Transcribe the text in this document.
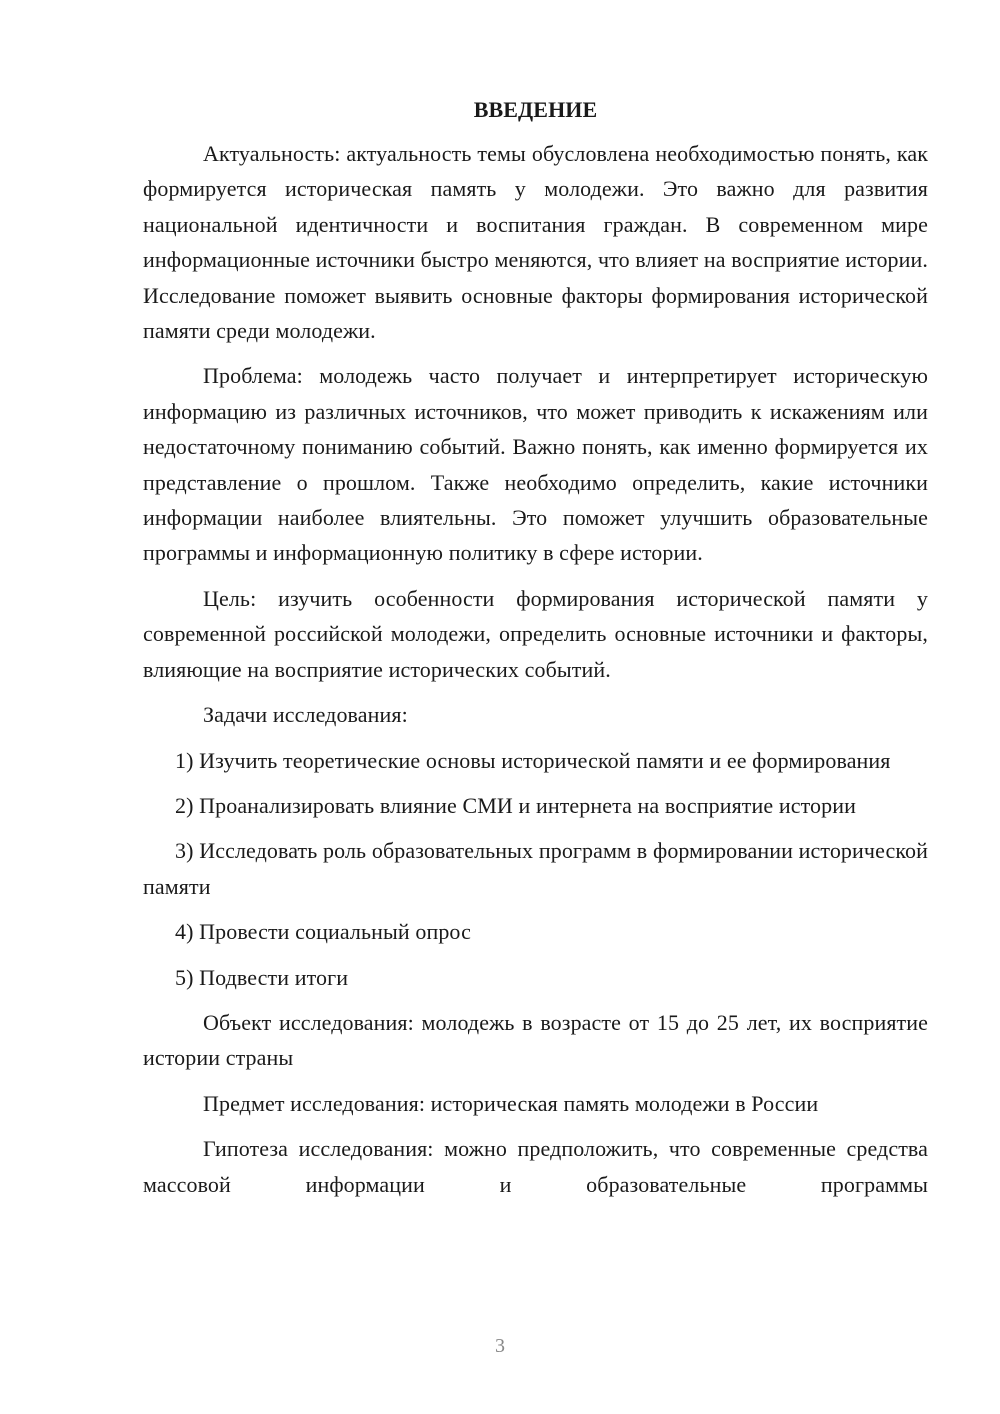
ВВЕДЕНИЕ

Актуальность: актуальность темы обусловлена необходимостью понять, как формируется историческая память у молодежи. Это важно для развития национальной идентичности и воспитания граждан. В современном мире информационные источники быстро меняются, что влияет на восприятие истории. Исследование поможет выявить основные факторы формирования исторической памяти среди молодежи.

Проблема: молодежь часто получает и интерпретирует историческую информацию из различных источников, что может приводить к искажениям или недостаточному пониманию событий. Важно понять, как именно формируется их представление о прошлом. Также необходимо определить, какие источники информации наиболее влиятельны. Это поможет улучшить образовательные программы и информационную политику в сфере истории.

Цель: изучить особенности формирования исторической памяти у современной российской молодежи, определить основные источники и факторы, влияющие на восприятие исторических событий.

Задачи исследования:

1) Изучить теоретические основы исторической памяти и ее формирования

2) Проанализировать влияние СМИ и интернета на восприятие истории

3) Исследовать роль образовательных программ в формировании исторической памяти

4) Провести социальный опрос

5) Подвести итоги

Объект исследования: молодежь в возрасте от 15 до 25 лет, их восприятие истории страны

Предмет исследования: историческая память молодежи в России

Гипотеза исследования: можно предположить, что современные средства массовой информации и образовательные программы

3
